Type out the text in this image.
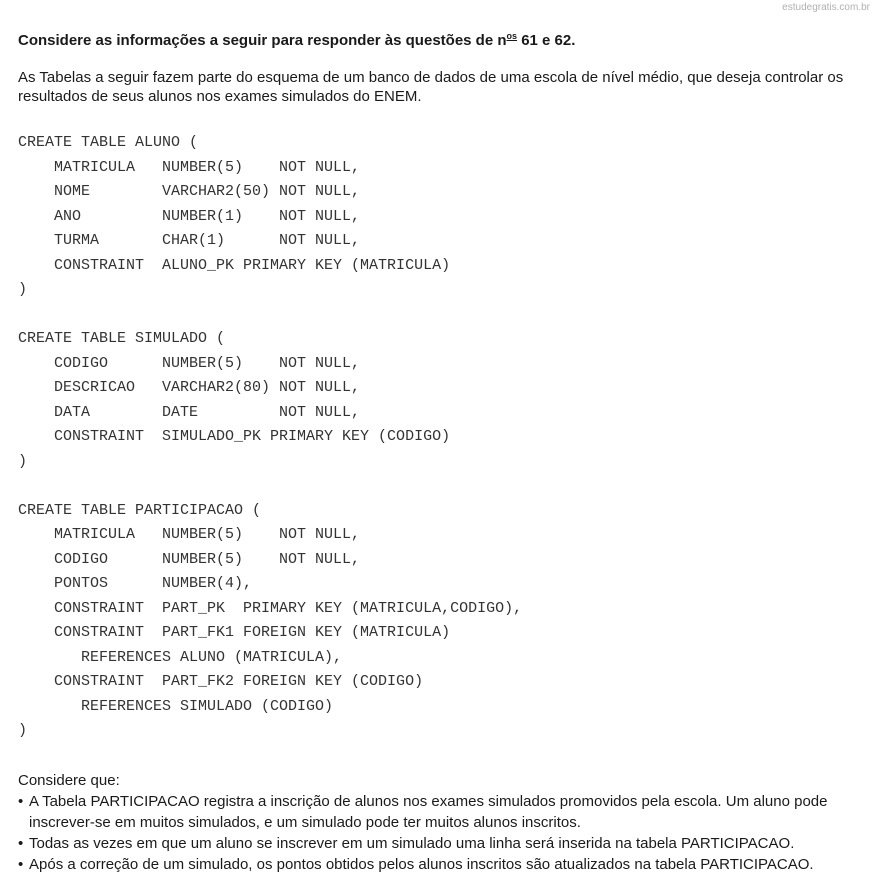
estudegratis.com.br
Considere as informações a seguir para responder às questões de $n^{os}$ 61 e 62.
As Tabelas a seguir fazem parte do esquema de um banco de dados de uma escola de nível médio, que deseja controlar os resultados de seus alunos nos exames simulados do ENEM.
CREATE TABLE ALUNO (
MATRICULA   NUMBER(5)    NOT NULL,
NOME        VARCHAR2(50) NOT NULL,
ANO         NUMBER(1)    NOT NULL,
TURMA       CHAR(1)      NOT NULL,
CONSTRAINT  ALUNO_PK PRIMARY KEY (MATRICULA)
)
CREATE TABLE SIMULADO (
CODIGO      NUMBER(5)    NOT NULL,
DESCRICAO   VARCHAR2(80) NOT NULL,
DATA        DATE         NOT NULL,
CONSTRAINT  SIMULADO_PK PRIMARY KEY (CODIGO)
)
CREATE TABLE PARTICIPACAO (
MATRICULA   NUMBER(5)    NOT NULL,
CODIGO      NUMBER(5)    NOT NULL,
PONTOS      NUMBER(4),
CONSTRAINT  PART_PK  PRIMARY KEY (MATRICULA,CODIGO),
CONSTRAINT  PART_FK1 FOREIGN KEY (MATRICULA)
REFERENCES ALUNO (MATRICULA),
CONSTRAINT  PART_FK2 FOREIGN KEY (CODIGO)
REFERENCES SIMULADO (CODIGO)
)
Considere que:
• A Tabela PARTICIPACAO registra a inscrição de alunos nos exames simulados promovidos pela escola. Um aluno pode inscrever-se em muitos simulados, e um simulado pode ter muitos alunos inscritos.
• Todas as vezes em que um aluno se inscrever em um simulado uma linha será inserida na tabela PARTICIPACAO.
• Após a correção de um simulado, os pontos obtidos pelos alunos inscritos são atualizados na tabela PARTICIPACAO.
